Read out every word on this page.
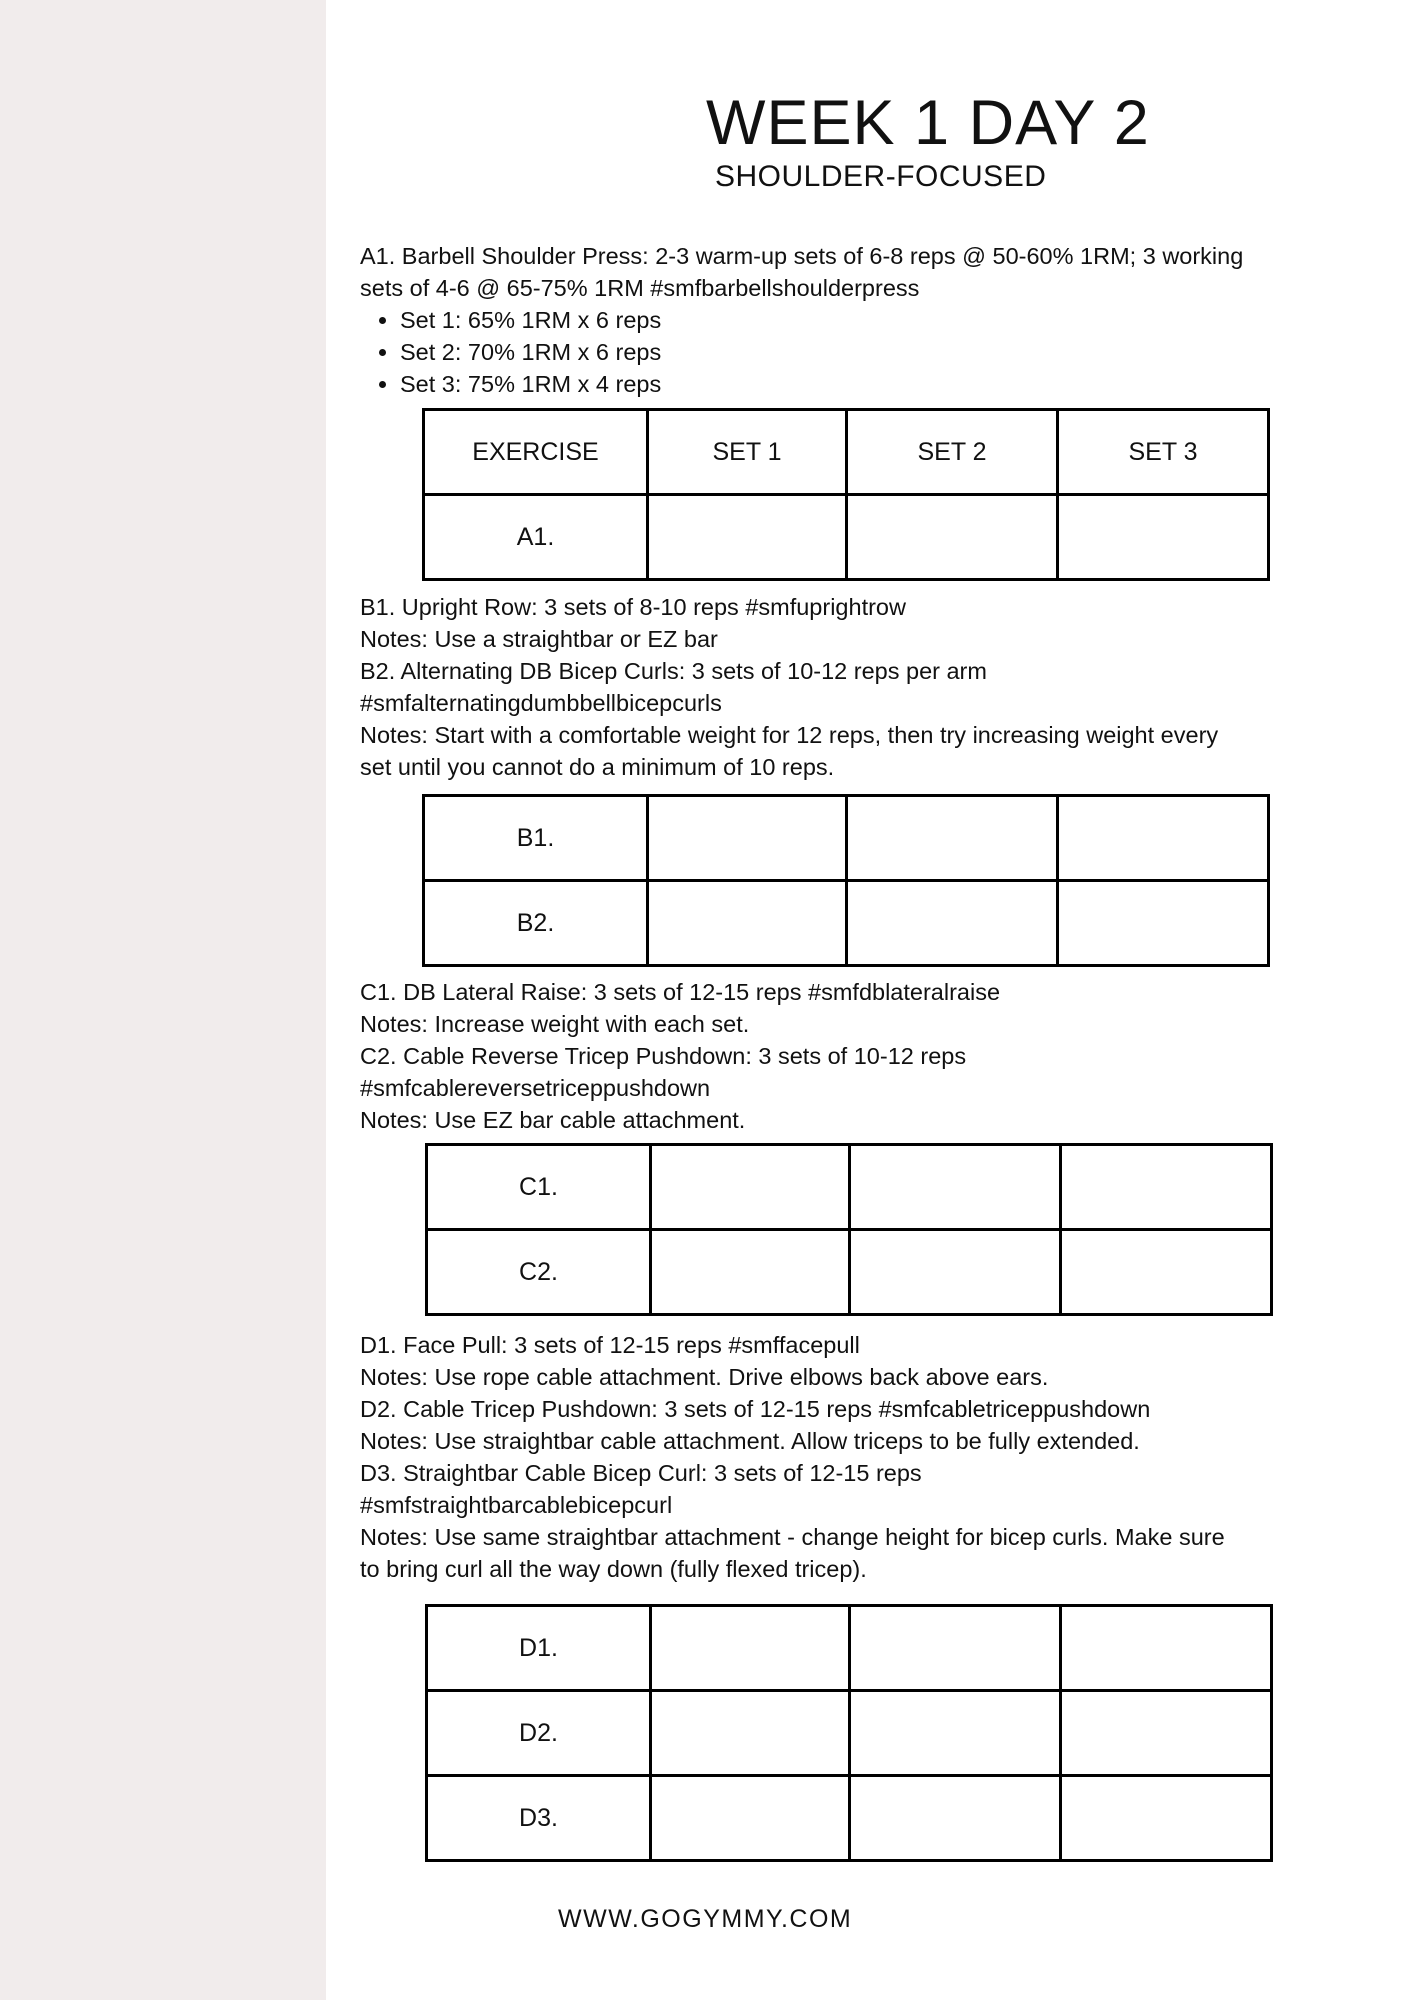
WEEK 1 DAY 2
SHOULDER-FOCUSED

A1. Barbell Shoulder Press: 2-3 warm-up sets of 6-8 reps @ 50-60% 1RM; 3 working

sets of 4-6 @ 65-75% 1RM #smfbarbellshoulderpress

• Set 1: 65% 1RM x 6 reps
• Set 2: 70% 1RM x 6 reps
• Set 3: 75% 1RM x 4 reps
EXERCISE	SET 1	SET 2	SET 3
A1.			

B1. Upright Row: 3 sets of 8-10 reps #smfuprightrow

Notes: Use a straightbar or EZ bar

B2. Alternating DB Bicep Curls: 3 sets of 10-12 reps per arm

#smfalternatingdumbbellbicepcurls

Notes: Start with a comfortable weight for 12 reps, then try increasing weight every

set until you cannot do a minimum of 10 reps.

B1.			
B2.			

C1. DB Lateral Raise: 3 sets of 12-15 reps #smfdblateralraise

Notes: Increase weight with each set.

C2. Cable Reverse Tricep Pushdown: 3 sets of 10-12 reps

#smfcablereversetriceppushdown

Notes: Use EZ bar cable attachment.

C1.			
C2.			

D1. Face Pull: 3 sets of 12-15 reps #smffacepull

Notes: Use rope cable attachment. Drive elbows back above ears.

D2. Cable Tricep Pushdown: 3 sets of 12-15 reps #smfcabletriceppushdown

Notes: Use straightbar cable attachment. Allow triceps to be fully extended.

D3. Straightbar Cable Bicep Curl: 3 sets of 12-15 reps

#smfstraightbarcablebicepcurl

Notes: Use same straightbar attachment - change height for bicep curls. Make sure

to bring curl all the way down (fully flexed tricep).

D1.			
D2.			
D3.			
WWW.GOGYMMY.COM
